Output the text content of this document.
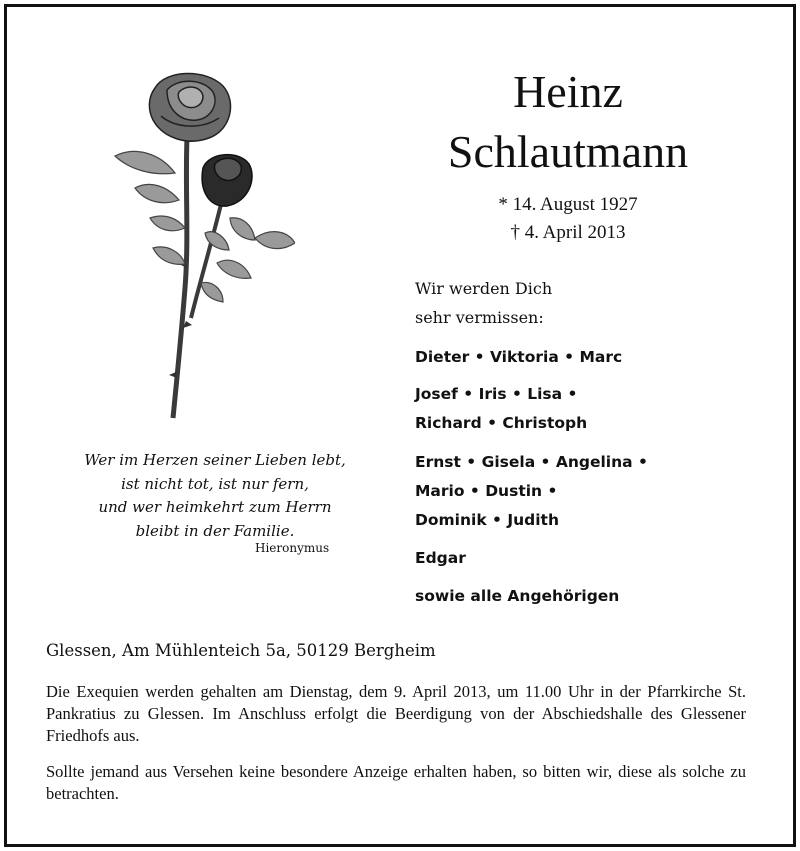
Heinz
Schlautmann
* 14. August 1927
† 4. April 2013
Wir werden Dich
sehr vermissen:
Dieter • Viktoria • Marc
Josef • Iris • Lisa •
Richard • Christoph
Ernst • Gisela • Angelina •
Mario • Dustin •
Dominik • Judith
Edgar
sowie alle Angehörigen
Wer im Herzen seiner Lieben lebt,
ist nicht tot, ist nur fern,
und wer heimkehrt zum Herrn
bleibt in der Familie.
Hieronymus
Glessen, Am Mühlenteich 5a, 50129 Bergheim
Die Exequien werden gehalten am Dienstag, dem 9. April 2013, um 11.00 Uhr in der Pfarrkirche St. Pankratius zu Glessen. Im Anschluss erfolgt die Beerdigung von der Abschiedshalle des Glessener Friedhofs aus.
Sollte jemand aus Versehen keine besondere Anzeige erhalten haben, so bitten wir, diese als solche zu betrachten.
